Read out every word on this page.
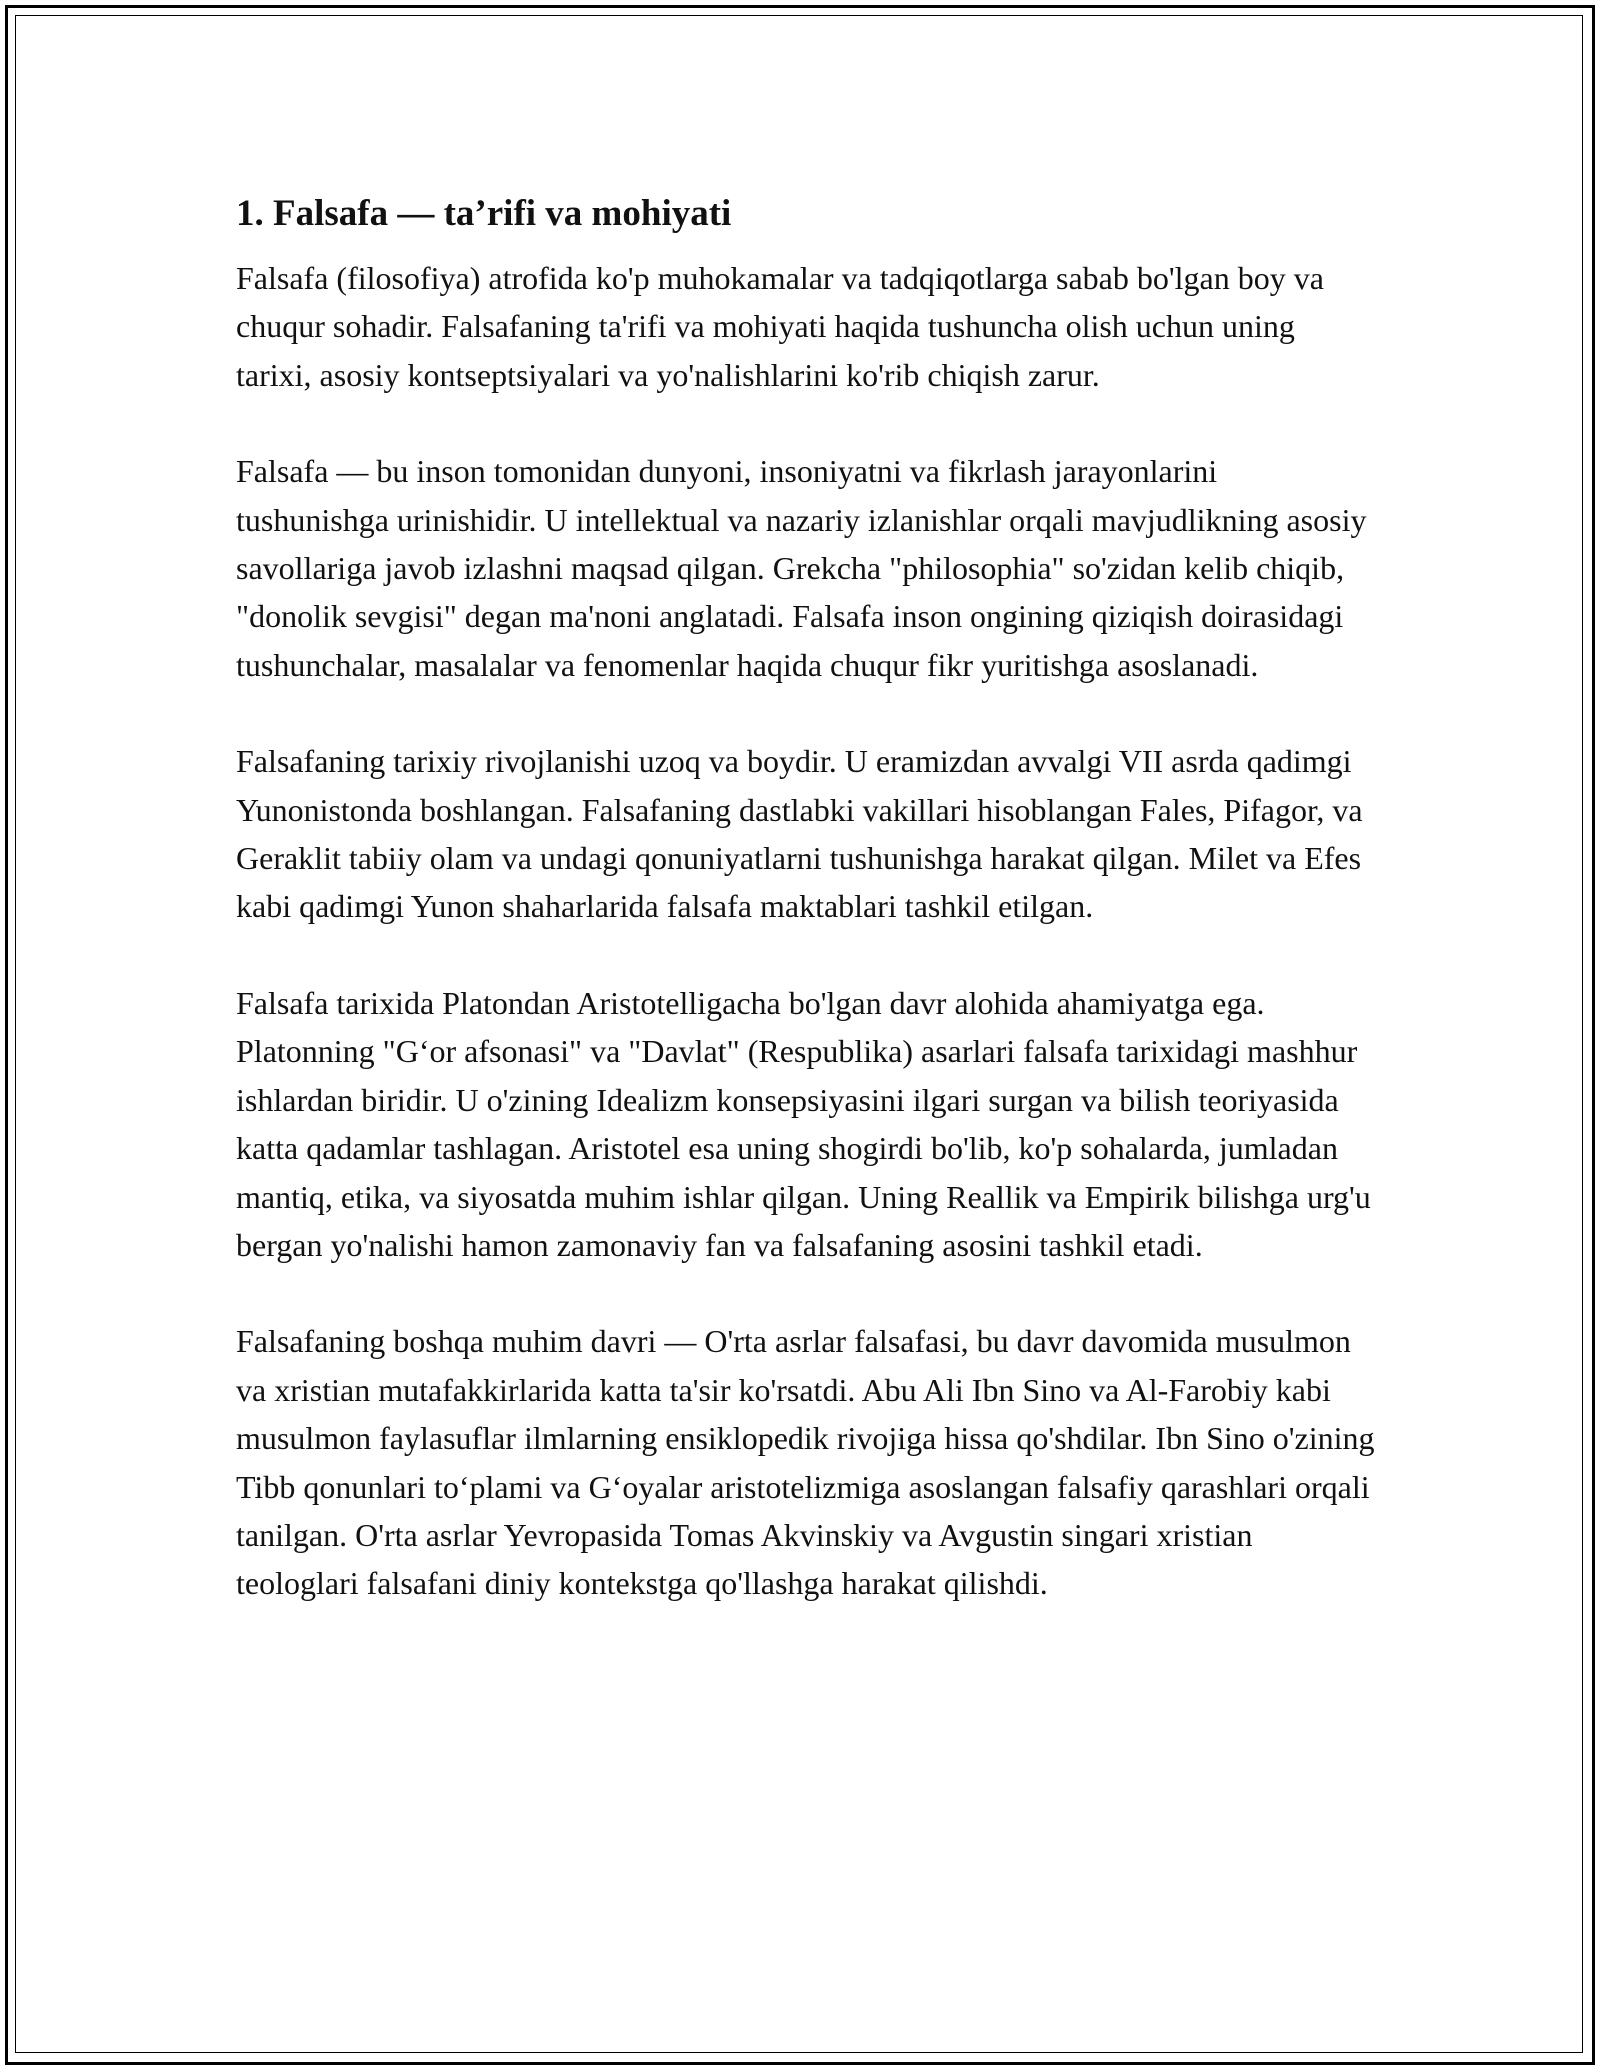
1. Falsafa — ta’rifi va mohiyati

Falsafa (filosofiya) atrofida ko'p muhokamalar va tadqiqotlarga sabab bo'lgan boy va chuqur sohadir. Falsafaning ta'rifi va mohiyati haqida tushuncha olish uchun uning tarixi, asosiy kontseptsiyalari va yo'nalishlarini ko'rib chiqish zarur.

Falsafa — bu inson tomonidan dunyoni, insoniyatni va fikrlash jarayonlarini tushunishga urinishidir. U intellektual va nazariy izlanishlar orqali mavjudlikning asosiy savollariga javob izlashni maqsad qilgan. Grekcha "philosophia" so'zidan kelib chiqib, "donolik sevgisi" degan ma'noni anglatadi. Falsafa inson ongining qiziqish doirasidagi tushunchalar, masalalar va fenomenlar haqida chuqur fikr yuritishga asoslanadi.

Falsafaning tarixiy rivojlanishi uzoq va boydir. U eramizdan avvalgi VII asrda qadimgi Yunonistonda boshlangan. Falsafaning dastlabki vakillari hisoblangan Fales, Pifagor, va Geraklit tabiiy olam va undagi qonuniyatlarni tushunishga harakat qilgan. Milet va Efes kabi qadimgi Yunon shaharlarida falsafa maktablari tashkil etilgan.

Falsafa tarixida Platondan Aristotelligacha bo'lgan davr alohida ahamiyatga ega. Platonning "G‘or afsonasi" va "Davlat" (Respublika) asarlari falsafa tarixidagi mashhur ishlardan biridir. U o'zining Idealizm konsepsiyasini ilgari surgan va bilish teoriyasida katta qadamlar tashlagan. Aristotel esa uning shogirdi bo'lib, ko'p sohalarda, jumladan mantiq, etika, va siyosatda muhim ishlar qilgan. Uning Reallik va Empirik bilishga urg'u bergan yo'nalishi hamon zamonaviy fan va falsafaning asosini tashkil etadi.

Falsafaning boshqa muhim davri — O'rta asrlar falsafasi, bu davr davomida musulmon va xristian mutafakkirlarida katta ta'sir ko'rsatdi. Abu Ali Ibn Sino va Al-Farobiy kabi musulmon faylasuflar ilmlarning ensiklopedik rivojiga hissa qo'shdilar. Ibn Sino o'zining Tibb qonunlari to‘plami va G‘oyalar aristotelizmiga asoslangan falsafiy qarashlari orqali tanilgan. O'rta asrlar Yevropasida Tomas Akvinskiy va Avgustin singari xristian teologlari falsafani diniy kontekstga qo'llashga harakat qilishdi.
